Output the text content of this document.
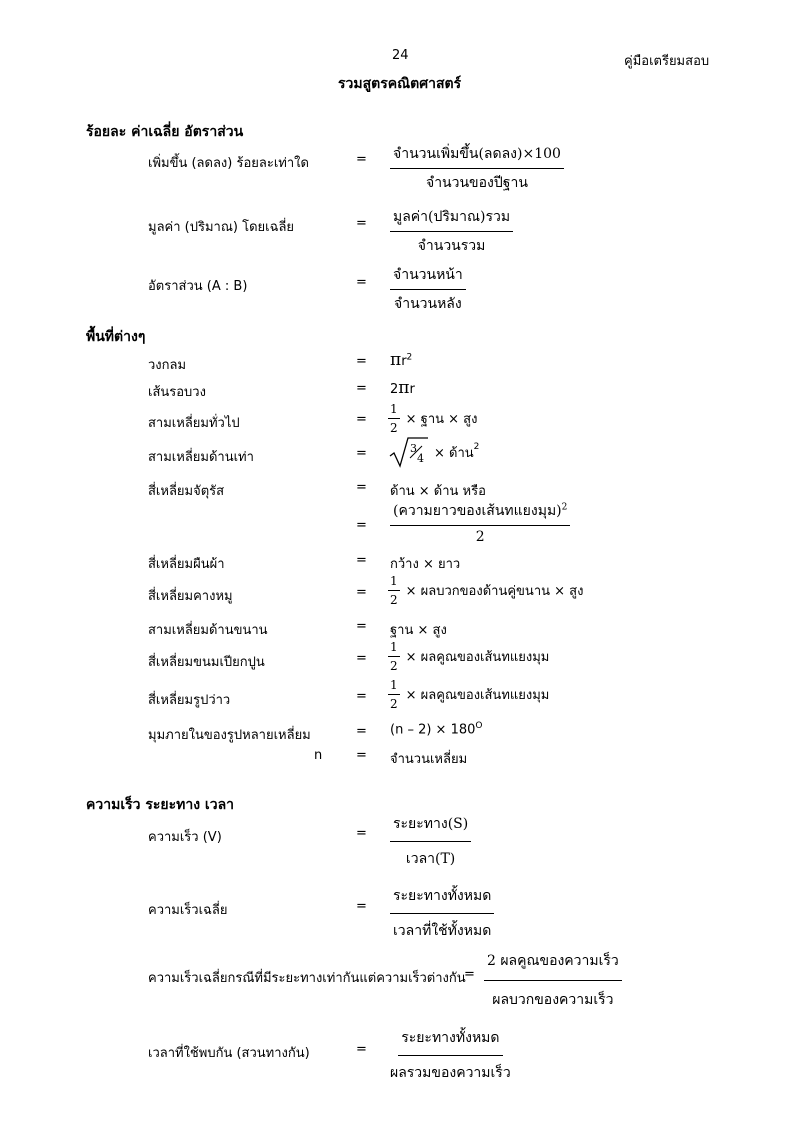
24	คู่มือเตรียมสอบ
รวมสูตรคณิตศาสตร์
ร้อยละ ค่าเฉลี่ย อัตราส่วน
เพิ่มขึ้น (ลดลง) ร้อยละเท่าใด	= จำนวนเพิ่มขึ้น(ลดลง)×100
จำนวนของปีฐาน
มูลค่า (ปริมาณ) โดยเฉลี่ย	= มูลค่า(ปริมาณ)รวม
จำนวนรวม
อัตราส่วน (A : B)	= จำนวนหน้า
จำนวนหลัง
พื้นที่ต่างๆ
วงกลม	= $\pi r^2$
เส้นรอบวง	= 2πr
สามเหลี่ยมทั่วไป	= $\frac{1}{2}$ × ฐาน × สูง
สามเหลี่ยมด้านเท่า	=	3
4 × ด้าน$^2$
สี่เหลี่ยมจัตุรัส	= ด้าน × ด้าน หรือ
=
(ความยาวของเส้นทแยงมุม)$^2$
2
สี่เหลี่ยมผืนผ้า	= กว้าง × ยาว
สี่เหลี่ยมคางหมู	= $\frac{1}{2}$ × ผลบวกของด้านคู่ขนาน × สูง
สามเหลี่ยมด้านขนาน	= ฐาน × สูง
สี่เหลี่ยมขนมเปียกปูน	= $\frac{1}{2}$ × ผลคูณของเส้นทแยงมุม
สี่เหลี่ยมรูปว่าว	= $\frac{1}{2}$ × ผลคูณของเส้นทแยงมุม
มุมภายในของรูปหลายเหลี่ยม	= $(n - 2) \times 180^O$
n	= จำนวนเหลี่ยม
ความเร็ว ระยะทาง เวลา
ความเร็ว (V)	=
ระยะทาง(S)
เวลา(T)
ความเร็วเฉลี่ย	=
ระยะทางทั้งหมด
เวลาที่ใช้ทั้งหมด
ความเร็วเฉลี่ยกรณีที่มีระยะทางเท่ากันแต่ความเร็วต่างกัน
=
2 ผลคูณของความเร็ว
ผลบวกของความเร็ว
เวลาที่ใช้พบกัน (สวนทางกัน)	=
ระยะทางทั้งหมด
ผลรวมของความเร็ว
